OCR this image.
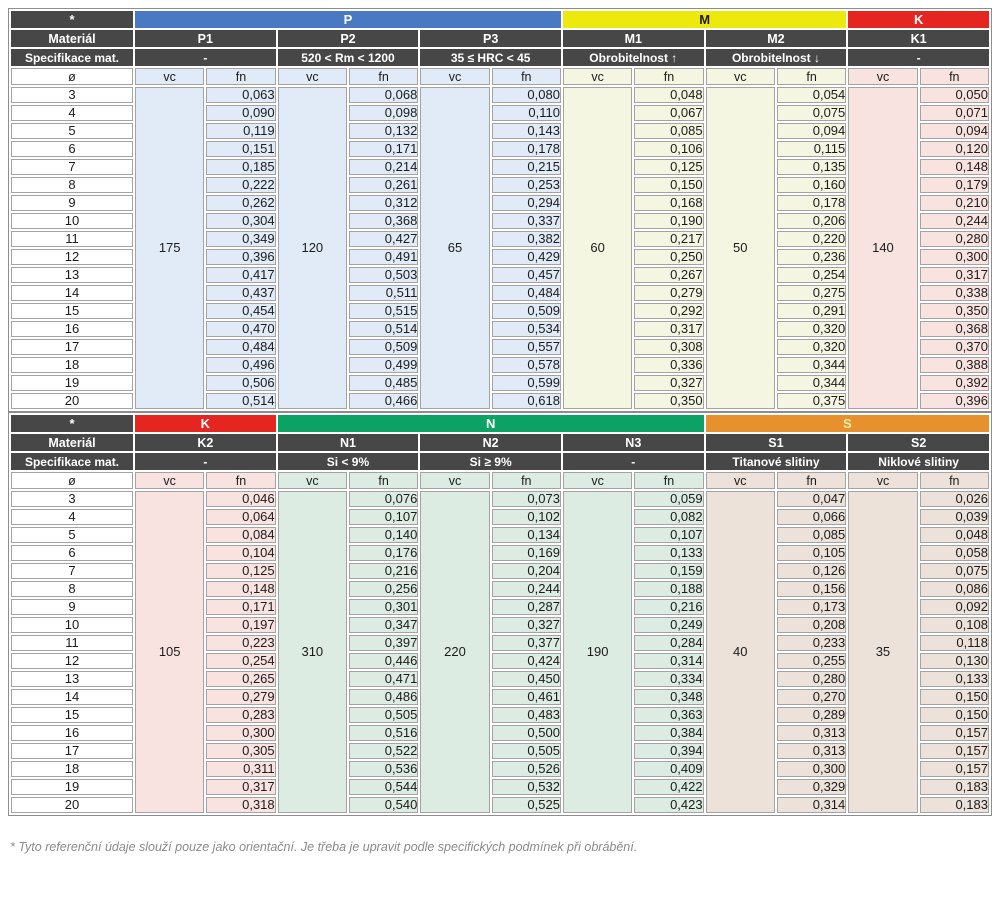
*	P						M				K	
Materiál	P1		P2		P3		M1		M2		K1	
Specifikace mat.	-		520 < Rm < 1200		35 ≤ HRC < 45		Obrobitelnost ↑		Obrobitelnost ↓		-	
ø	vc	fn	vc	fn	vc	fn	vc	fn	vc	fn	vc	fn
3	175	0,063	120	0,068	65	0,080	60	0,048	50	0,054	140	0,050
4		0,090		0,098		0,110		0,067		0,075		0,071
5		0,119		0,132		0,143		0,085		0,094		0,094
6		0,151		0,171		0,178		0,106		0,115		0,120
7		0,185		0,214		0,215		0,125		0,135		0,148
8		0,222		0,261		0,253		0,150		0,160		0,179
9		0,262		0,312		0,294		0,168		0,178		0,210
10		0,304		0,368		0,337		0,190		0,206		0,244
11		0,349		0,427		0,382		0,217		0,220		0,280
12		0,396		0,491		0,429		0,250		0,236		0,300
13		0,417		0,503		0,457		0,267		0,254		0,317
14		0,437		0,511		0,484		0,279		0,275		0,338
15		0,454		0,515		0,509		0,292		0,291		0,350
16		0,470		0,514		0,534		0,317		0,320		0,368
17		0,484		0,509		0,557		0,308		0,320		0,370
18		0,496		0,499		0,578		0,336		0,344		0,388
19		0,506		0,485		0,599		0,327		0,344		0,392
20		0,514		0,466		0,618		0,350		0,375		0,396
*	K		N						S			
Materiál	K2		N1		N2		N3		S1		S2	
Specifikace mat.	-		Si < 9%		Si ≥ 9%		-		Titanové slitiny		Niklové slitiny	
ø	vc	fn	vc	fn	vc	fn	vc	fn	vc	fn	vc	fn
3	105	0,046	310	0,076	220	0,073	190	0,059	40	0,047	35	0,026
4		0,064		0,107		0,102		0,082		0,066		0,039
5		0,084		0,140		0,134		0,107		0,085		0,048
6		0,104		0,176		0,169		0,133		0,105		0,058
7		0,125		0,216		0,204		0,159		0,126		0,075
8		0,148		0,256		0,244		0,188		0,156		0,086
9		0,171		0,301		0,287		0,216		0,173		0,092
10		0,197		0,347		0,327		0,249		0,208		0,108
11		0,223		0,397		0,377		0,284		0,233		0,118
12		0,254		0,446		0,424		0,314		0,255		0,130
13		0,265		0,471		0,450		0,334		0,280		0,133
14		0,279		0,486		0,461		0,348		0,270		0,150
15		0,283		0,505		0,483		0,363		0,289		0,150
16		0,300		0,516		0,500		0,384		0,313		0,157
17		0,305		0,522		0,505		0,394		0,313		0,157
18		0,311		0,536		0,526		0,409		0,300		0,157
19		0,317		0,544		0,532		0,422		0,329		0,183
20		0,318		0,540		0,525		0,423		0,314		0,183
* Tyto referenční údaje slouží pouze jako orientační. Je třeba je upravit podle specifických podmínek při obrábění.
